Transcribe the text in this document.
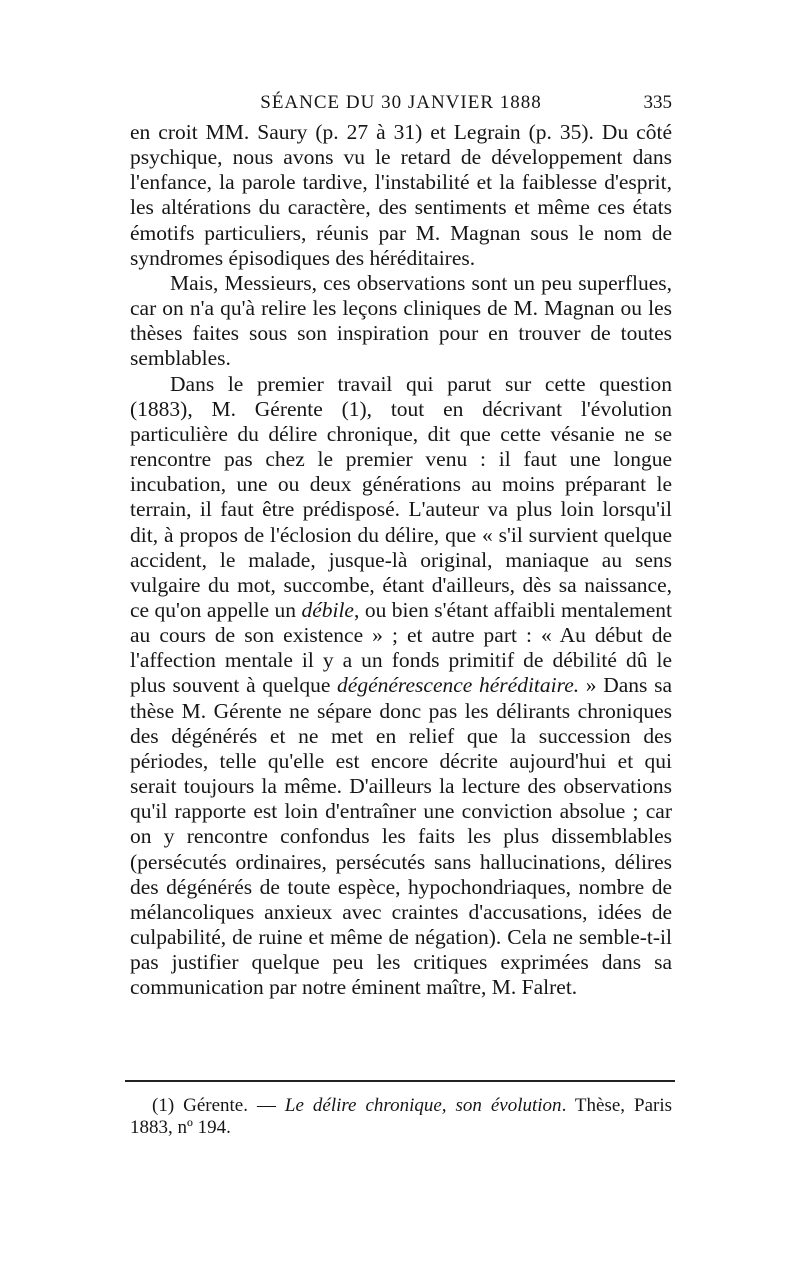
SÉANCE DU 30 JANVIER 1888	335

en croit MM. Saury (p. 27 à 31) et Legrain (p. 35). Du côté psychique, nous avons vu le retard de développement dans l'enfance, la parole tardive, l'instabilité et la faiblesse d'esprit, les altérations du caractère, des sentiments et même ces états émotifs particuliers, réunis par M. Magnan sous le nom de syndromes épisodiques des héréditaires.

Mais, Messieurs, ces observations sont un peu superflues, car on n'a qu'à relire les leçons cliniques de M. Magnan ou les thèses faites sous son inspiration pour en trouver de toutes semblables.

Dans le premier travail qui parut sur cette question (1883), M. Gérente (1), tout en décrivant l'évolution particulière du délire chronique, dit que cette vésanie ne se rencontre pas chez le premier venu : il faut une longue incubation, une ou deux générations au moins préparant le terrain, il faut être prédisposé. L'auteur va plus loin lorsqu'il dit, à propos de l'éclosion du délire, que « s'il survient quelque accident, le malade, jusque-là original, maniaque au sens vulgaire du mot, succombe, étant d'ailleurs, dès sa naissance, ce qu'on appelle un débile, ou bien s'étant affaibli mentalement au cours de son existence » ; et autre part : « Au début de l'affection mentale il y a un fonds primitif de débilité dû le plus souvent à quelque dégénérescence héréditaire. » Dans sa thèse M. Gérente ne sépare donc pas les délirants chroniques des dégénérés et ne met en relief que la succession des périodes, telle qu'elle est encore décrite aujourd'hui et qui serait toujours la même. D'ailleurs la lecture des observations qu'il rapporte est loin d'entraîner une conviction absolue ; car on y rencontre confondus les faits les plus dissemblables (persécutés ordinaires, persécutés sans hallucinations, délires des dégénérés de toute espèce, hypochondriaques, nombre de mélancoliques anxieux avec craintes d'accusations, idées de culpabilité, de ruine et même de négation). Cela ne semble-t-il pas justifier quelque peu les critiques exprimées dans sa communication par notre éminent maître, M. Falret.

(1) Gérente. — Le délire chronique, son évolution. Thèse, Paris 1883, nº 194.
